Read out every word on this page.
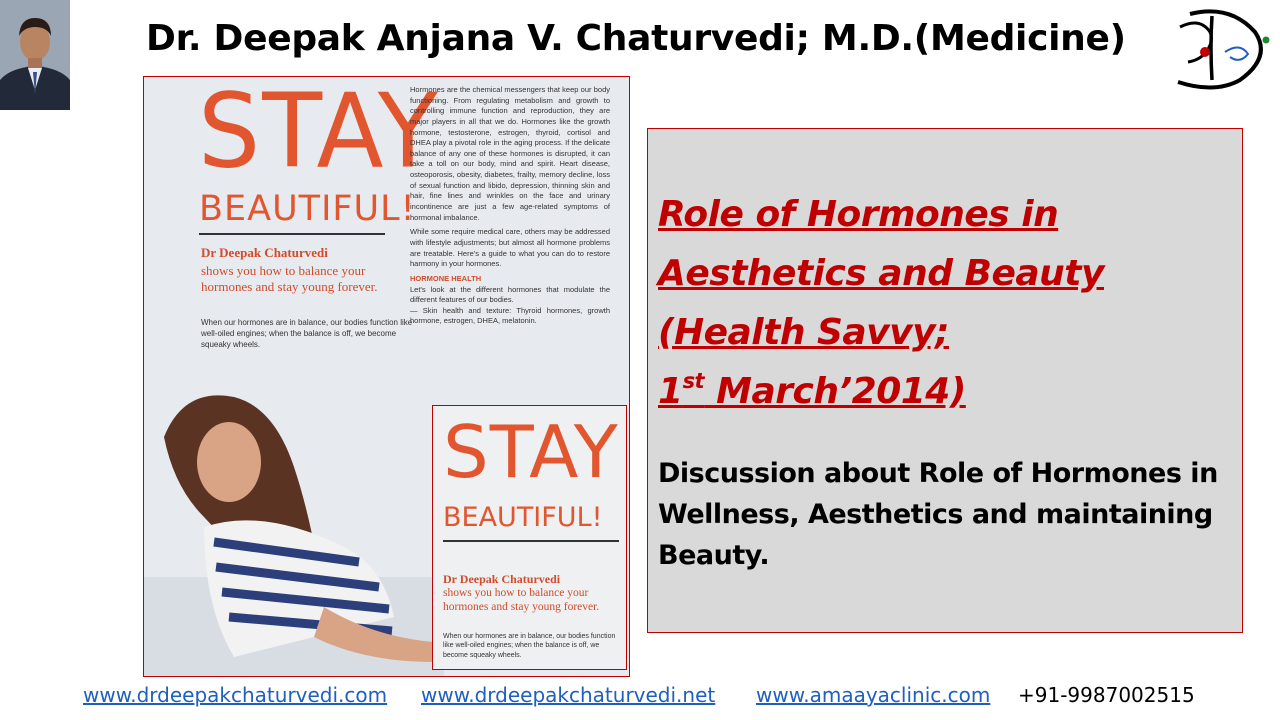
Dr. Deepak Anjana V. Chaturvedi; M.D.(Medicine)
STAY
BEAUTIFUL!
Dr Deepak Chaturvedi
shows you how to balance your hormones and stay young forever.
When our hormones are in balance, our bodies function like well-oiled engines; when the balance is off, we become squeaky wheels.
Hormones are the chemical messengers that keep our body functioning. From regulating metabolism and growth to controlling immune function and reproduction, they are major players in all that we do. Hormones like the growth hormone, testosterone, estrogen, thyroid, cortisol and DHEA play a pivotal role in the aging process. If the delicate balance of any one of these hormones is disrupted, it can take a toll on our body, mind and spirit. Heart disease, osteoporosis, obesity, diabetes, frailty, memory decline, loss of sexual function and libido, depression, thinning skin and hair, fine lines and wrinkles on the face and urinary incontinence are just a few age-related symptoms of hormonal imbalance.
While some require medical care, others may be addressed with lifestyle adjustments; but almost all hormone problems are treatable. Here's a guide to what you can do to restore harmony in your hormones.
HORMONE HEALTH
Let's look at the different hormones that modulate the different features of our bodies.
— Skin health and texture: Thyroid hormones, growth hormone, estrogen, DHEA, melatonin.
STAY
BEAUTIFUL!
Dr Deepak Chaturvedi
shows you how to balance your hormones and stay young forever.
When our hormones are in balance, our bodies function like well-oiled engines; when the balance is off, we become squeaky wheels.
Role of Hormones in
Aesthetics and Beauty
(Health Savvy;
1st March’2014)
Discussion about Role of Hormones in Wellness, Aesthetics and maintaining Beauty.
www.drdeepakchaturvedi.com www.drdeepakchaturvedi.net www.amaayaclinic.com +91-9987002515
